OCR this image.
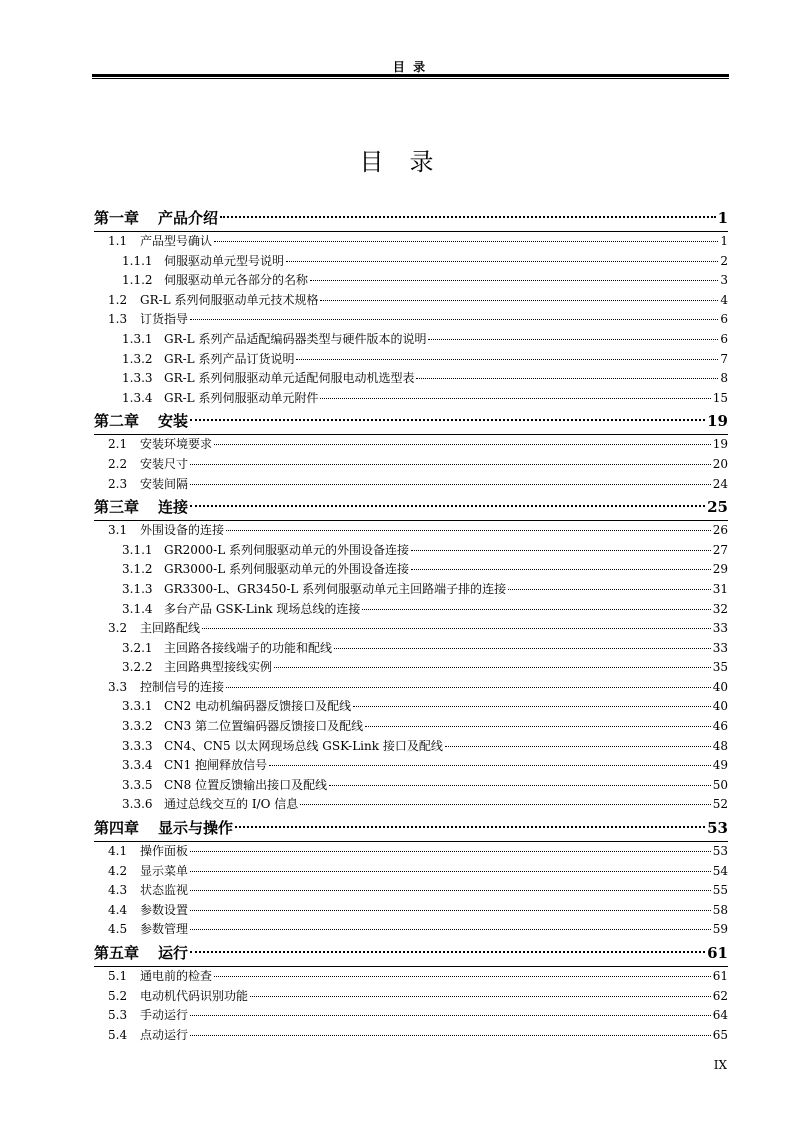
目 录
目录
第一章 产品介绍	1
1.1 产品型号确认	1
1.1.1 伺服驱动单元型号说明	2
1.1.2 伺服驱动单元各部分的名称	3
1.2 GR-L 系列伺服驱动单元技术规格	4
1.3 订货指导	6
1.3.1 GR-L 系列产品适配编码器类型与硬件版本的说明	6
1.3.2 GR-L 系列产品订货说明	7
1.3.3 GR-L 系列伺服驱动单元适配伺服电动机选型表	8
1.3.4 GR-L 系列伺服驱动单元附件	15
第二章 安装	19
2.1 安装环境要求	19
2.2 安装尺寸	20
2.3 安装间隔	24
第三章 连接	25
3.1 外围设备的连接	26
3.1.1 GR2000-L 系列伺服驱动单元的外围设备连接	27
3.1.2 GR3000-L 系列伺服驱动单元的外围设备连接	29
3.1.3 GR3300-L、GR3450-L 系列伺服驱动单元主回路端子排的连接	31
3.1.4 多台产品 GSK-Link 现场总线的连接	32
3.2 主回路配线	33
3.2.1 主回路各接线端子的功能和配线	33
3.2.2 主回路典型接线实例	35
3.3 控制信号的连接	40
3.3.1 CN2 电动机编码器反馈接口及配线	40
3.3.2 CN3 第二位置编码器反馈接口及配线	46
3.3.3 CN4、CN5 以太网现场总线 GSK-Link 接口及配线	48
3.3.4 CN1 抱闸释放信号	49
3.3.5 CN8 位置反馈输出接口及配线	50
3.3.6 通过总线交互的 I/O 信息	52
第四章 显示与操作	53
4.1 操作面板	53
4.2 显示菜单	54
4.3 状态监视	55
4.4 参数设置	58
4.5 参数管理	59
第五章 运行	61
5.1 通电前的检查	61
5.2 电动机代码识别功能	62
5.3 手动运行	64
5.4 点动运行	65
IX
